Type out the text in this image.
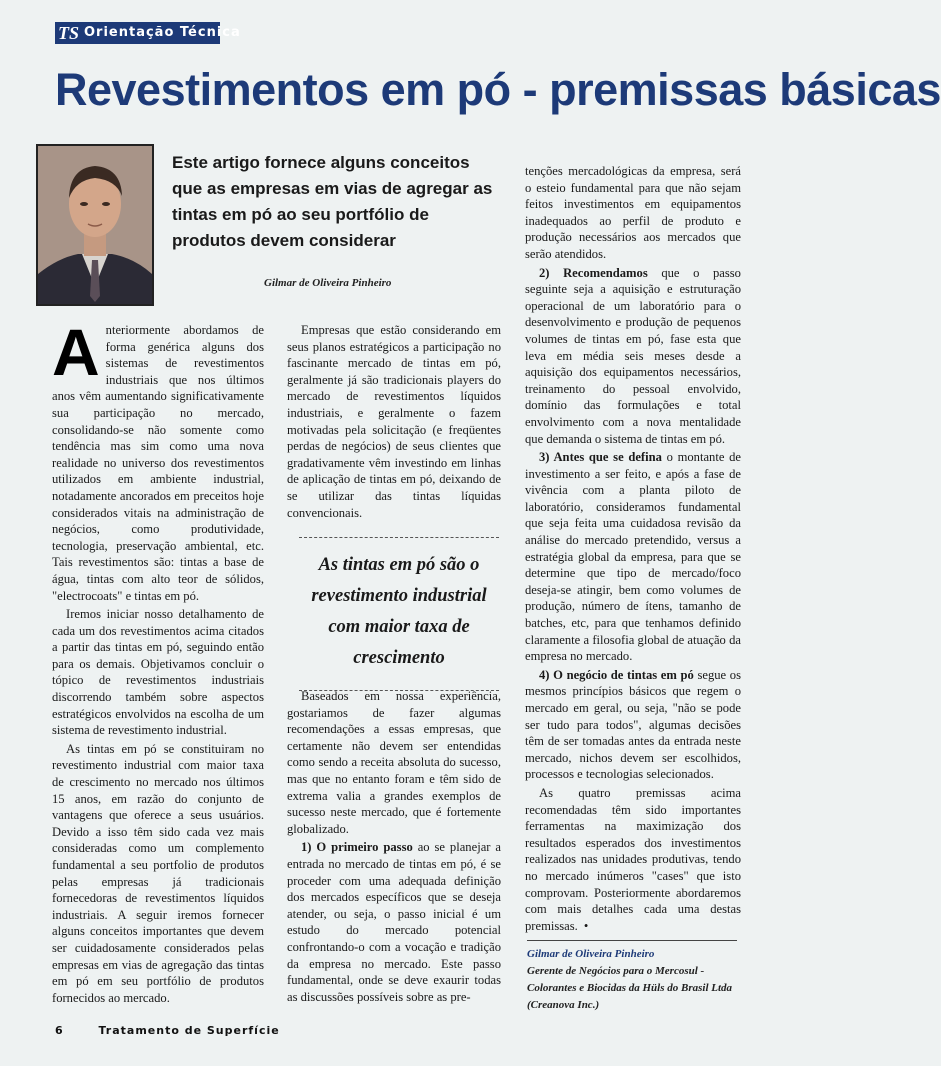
TS Orientação Técnica
Revestimentos em pó - premissas básicas
Este artigo fornece alguns conceitos que as empresas em vias de agregar as tintas em pó ao seu portfólio de produtos devem considerar
Gilmar de Oliveira Pinheiro
A nteriormente abordamos de forma genérica alguns dos sistemas de revestimentos industriais que nos últimos anos vêm aumentando significativamente sua participação no mercado, consolidando-se não somente como tendência mas sim como uma nova realidade no universo dos revestimentos utilizados em ambiente industrial, notadamente ancorados em preceitos hoje considerados vitais na administração de negócios, como produtividade, tecnologia, preservação ambiental, etc. Tais revestimentos são: tintas a base de água, tintas com alto teor de sólidos, "electrocoats" e tintas em pó.

Iremos iniciar nosso detalhamento de cada um dos revestimentos acima citados a partir das tintas em pó, seguindo então para os demais. Objetivamos concluir o tópico de revestimentos industriais discorrendo também sobre aspectos estratégicos envolvidos na escolha de um sistema de revestimento industrial.

As tintas em pó se constituiram no revestimento industrial com maior taxa de crescimento no mercado nos últimos 15 anos, em razão do conjunto de vantagens que oferece a seus usuários. Devido a isso têm sido cada vez mais consideradas como um complemento fundamental a seu portfolio de produtos pelas empresas já tradicionais fornecedoras de revestimentos líquidos industriais. A seguir iremos fornecer alguns conceitos importantes que devem ser cuidadosamente considerados pelas empresas em vias de agregação das tintas em pó em seu portfólio de produtos fornecidos ao mercado.

Empresas que estão considerando em seus planos estratégicos a participação no fascinante mercado de tintas em pó, geralmente já são tradicionais players do mercado de revestimentos líquidos industriais, e geralmente o fazem motivadas pela solicitação (e freqüentes perdas de negócios) de seus clientes que gradativamente vêm investindo em linhas de aplicação de tintas em pó, deixando de se utilizar das tintas líquidas convencionais.

As tintas em pó são o revestimento industrial com maior taxa de crescimento

Baseados em nossa experiência, gostariamos de fazer algumas recomendações a essas empresas, que certamente não devem ser entendidas como sendo a receita absoluta do sucesso, mas que no entanto foram e têm sido de extrema valia a grandes exemplos de sucesso neste mercado, que é fortemente globalizado.

1) O primeiro passo ao se planejar a entrada no mercado de tintas em pó, é se proceder com uma adequada definição dos mercados específicos que se deseja atender, ou seja, o passo inicial é um estudo do mercado potencial confrontando-o com a vocação e tradição da empresa no mercado. Este passo fundamental, onde se deve exaurir todas as discussões possíveis sobre as pre-

tenções mercadológicas da empresa, será o esteio fundamental para que não sejam feitos investimentos em equipamentos inadequados ao perfil de produto e produção necessários aos mercados que serão atendidos.

2) Recomendamos que o passo seguinte seja a aquisição e estruturação operacional de um laboratório para o desenvolvimento e produção de pequenos volumes de tintas em pó, fase esta que leva em média seis meses desde a aquisição dos equipamentos necessários, treinamento do pessoal envolvido, domínio das formulações e total envolvimento com a nova mentalidade que demanda o sistema de tintas em pó.

3) Antes que se defina o montante de investimento a ser feito, e após a fase de vivência com a planta piloto de laboratório, consideramos fundamental que seja feita uma cuidadosa revisão da análise do mercado pretendido, versus a estratégia global da empresa, para que se determine que tipo de mercado/foco deseja-se atingir, bem como volumes de produção, número de ítens, tamanho de batches, etc, para que tenhamos definido claramente a filosofia global de atuação da empresa no mercado.

4) O negócio de tintas em pó segue os mesmos princípios básicos que regem o mercado em geral, ou seja, "não se pode ser tudo para todos", algumas decisões têm de ser tomadas antes da entrada neste mercado, nichos devem ser escolhidos, processos e tecnologias selecionados.

As quatro premissas acima recomendadas têm sido importantes ferramentas na maximização dos resultados esperados dos investimentos realizados nas unidades produtivas, tendo no mercado inúmeros "cases" que isto comprovam. Posteriormente abordaremos com mais detalhes cada uma destas premissas. •

Gilmar de Oliveira Pinheiro
Gerente de Negócios para o Mercosul - Colorantes e Biocidas da Hüls do Brasil Ltda (Creanova Inc.)
6	Tratamento de Superfície
